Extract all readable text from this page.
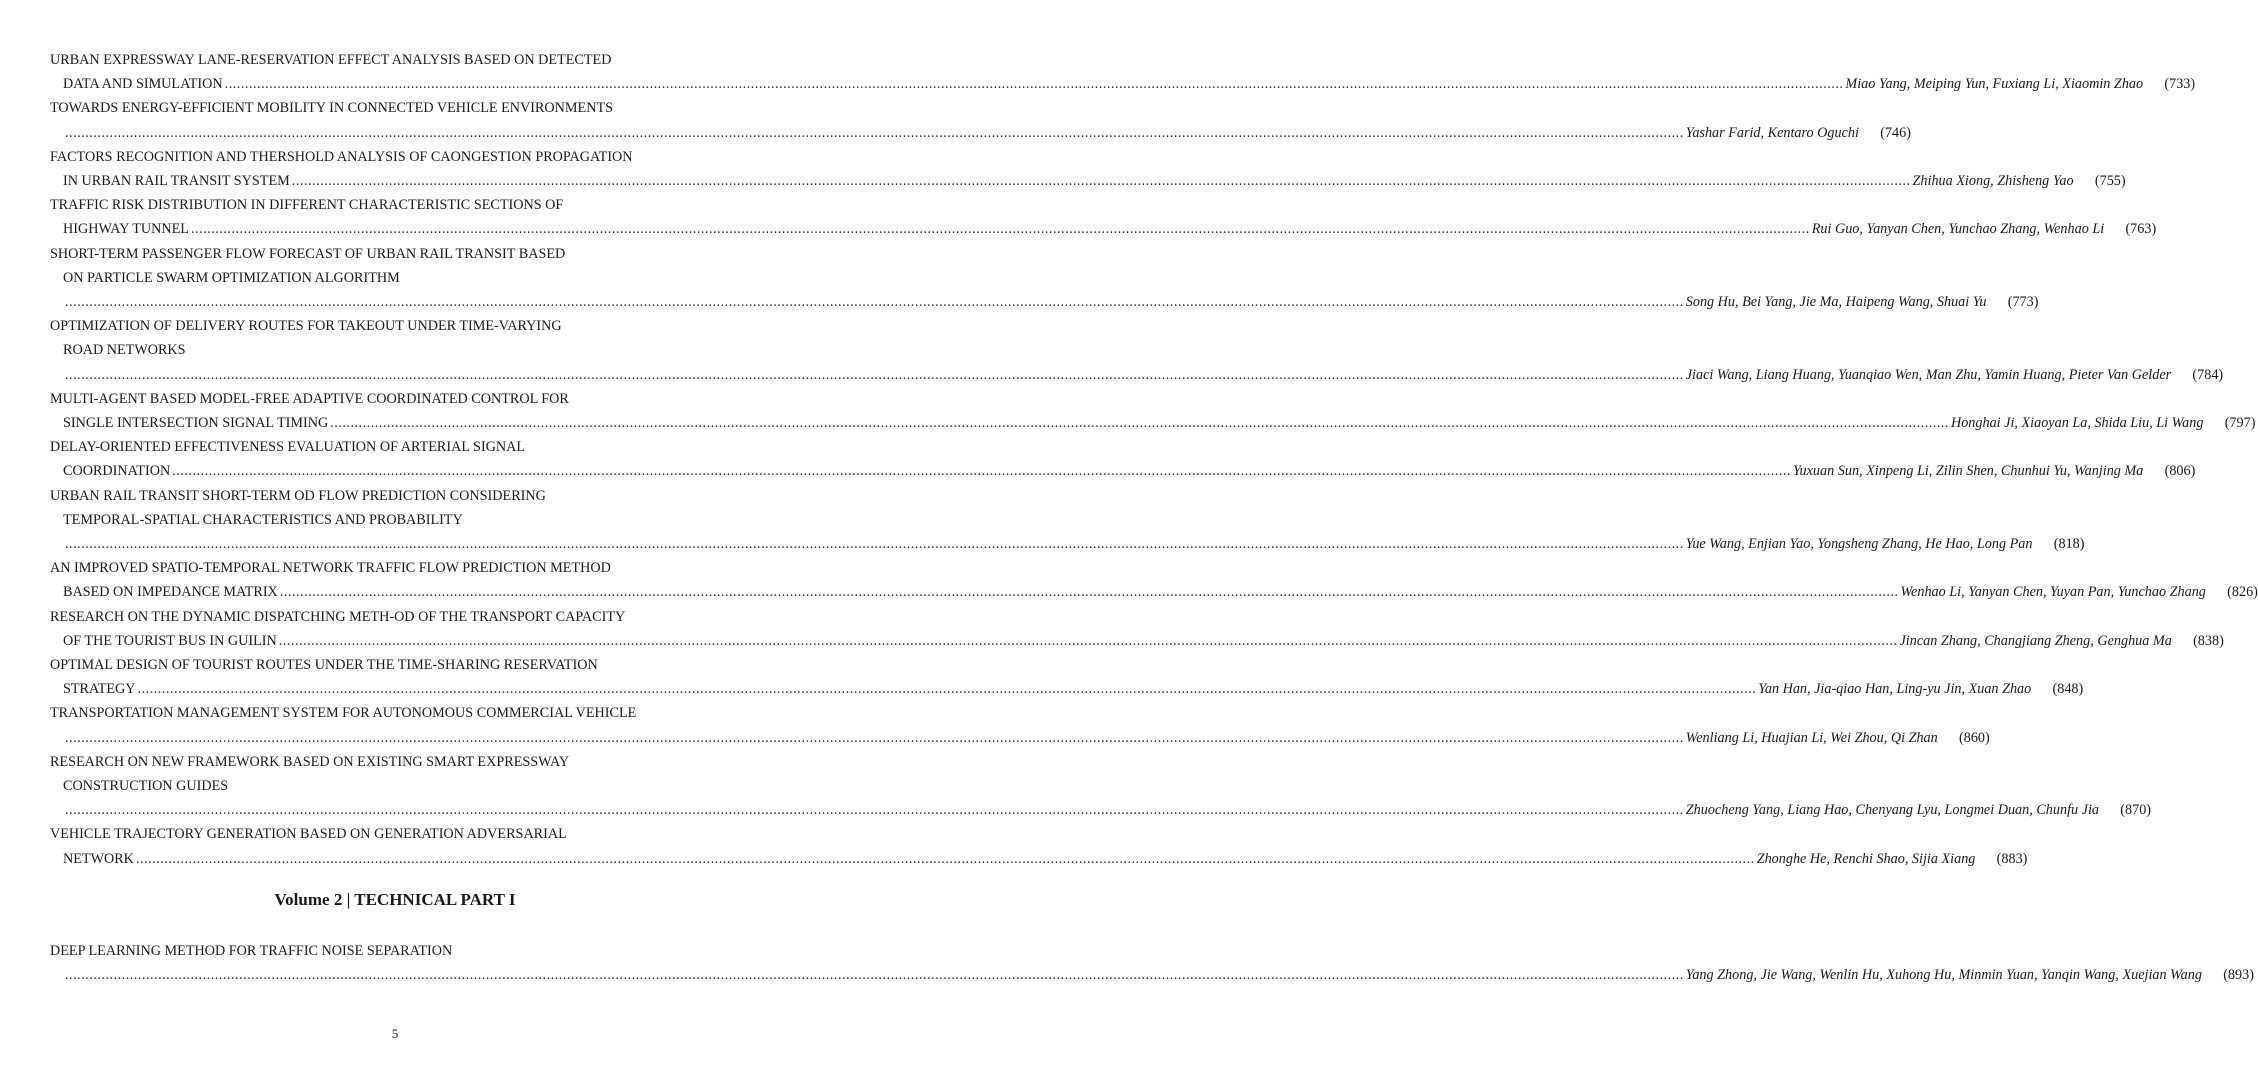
URBAN EXPRESSWAY LANE-RESERVATION EFFECT ANALYSIS BASED ON DETECTED
DATA AND SIMULATION ................................................................................................................................................................................................................................................................................................................................................................................................................ Miao Yang, Meiping Yun, Fuxiang Li, Xiaomin Zhao	(733)
TOWARDS ENERGY-EFFICIENT MOBILITY IN CONNECTED VEHICLE ENVIRONMENTS
................................................................................................................................................................................................................................................................................................................................................................................................................ Yashar Farid, Kentaro Oguchi	(746)
FACTORS RECOGNITION AND THERSHOLD ANALYSIS OF CAONGESTION PROPAGATION
IN URBAN RAIL TRANSIT SYSTEM ................................................................................................................................................................................................................................................................................................................................................................................................................ Zhihua Xiong, Zhisheng Yao	(755)
TRAFFIC RISK DISTRIBUTION IN DIFFERENT CHARACTERISTIC SECTIONS OF
HIGHWAY TUNNEL ................................................................................................................................................................................................................................................................................................................................................................................................................ Rui Guo, Yanyan Chen, Yunchao Zhang, Wenhao Li	(763)
SHORT-TERM PASSENGER FLOW FORECAST OF URBAN RAIL TRANSIT BASED
ON PARTICLE SWARM OPTIMIZATION ALGORITHM
................................................................................................................................................................................................................................................................................................................................................................................................................ Song Hu, Bei Yang, Jie Ma, Haipeng Wang, Shuai Yu	(773)
OPTIMIZATION OF DELIVERY ROUTES FOR TAKEOUT UNDER TIME-VARYING
ROAD NETWORKS
................................................................................................................................................................................................................................................................................................................................................................................................................ Jiaci Wang, Liang Huang, Yuanqiao Wen, Man Zhu, Yamin Huang, Pieter Van Gelder	(784)
MULTI-AGENT BASED MODEL-FREE ADAPTIVE COORDINATED CONTROL FOR
SINGLE INTERSECTION SIGNAL TIMING ................................................................................................................................................................................................................................................................................................................................................................................................................ Honghai Ji, Xiaoyan La, Shida Liu, Li Wang	(797)
DELAY-ORIENTED EFFECTIVENESS EVALUATION OF ARTERIAL SIGNAL
COORDINATION ................................................................................................................................................................................................................................................................................................................................................................................................................ Yuxuan Sun, Xinpeng Li, Zilin Shen, Chunhui Yu, Wanjing Ma	(806)
URBAN RAIL TRANSIT SHORT-TERM OD FLOW PREDICTION CONSIDERING
TEMPORAL-SPATIAL CHARACTERISTICS AND PROBABILITY
................................................................................................................................................................................................................................................................................................................................................................................................................ Yue Wang, Enjian Yao, Yongsheng Zhang, He Hao, Long Pan	(818)
AN IMPROVED SPATIO-TEMPORAL NETWORK TRAFFIC FLOW PREDICTION METHOD
BASED ON IMPEDANCE MATRIX ................................................................................................................................................................................................................................................................................................................................................................................................................ Wenhao Li, Yanyan Chen, Yuyan Pan, Yunchao Zhang	(826)
RESEARCH ON THE DYNAMIC DISPATCHING METH-OD OF THE TRANSPORT CAPACITY
OF THE TOURIST BUS IN GUILIN ................................................................................................................................................................................................................................................................................................................................................................................................................ Jincan Zhang, Changjiang Zheng, Genghua Ma	(838)
OPTIMAL DESIGN OF TOURIST ROUTES UNDER THE TIME-SHARING RESERVATION
STRATEGY ................................................................................................................................................................................................................................................................................................................................................................................................................ Yan Han, Jia-qiao Han, Ling-yu Jin, Xuan Zhao	(848)
TRANSPORTATION MANAGEMENT SYSTEM FOR AUTONOMOUS COMMERCIAL VEHICLE
................................................................................................................................................................................................................................................................................................................................................................................................................ Wenliang Li, Huajian Li, Wei Zhou, Qi Zhan	(860)
RESEARCH ON NEW FRAMEWORK BASED ON EXISTING SMART EXPRESSWAY
CONSTRUCTION GUIDES
................................................................................................................................................................................................................................................................................................................................................................................................................ Zhuocheng Yang, Liang Hao, Chenyang Lyu, Longmei Duan, Chunfu Jia	(870)
VEHICLE TRAJECTORY GENERATION BASED ON GENERATION ADVERSARIAL
NETWORK ................................................................................................................................................................................................................................................................................................................................................................................................................ Zhonghe He, Renchi Shao, Sijia Xiang	(883)
Volume 2 | TECHNICAL PART I
DEEP LEARNING METHOD FOR TRAFFIC NOISE SEPARATION
................................................................................................................................................................................................................................................................................................................................................................................................................ Yang Zhong, Jie Wang, Wenlin Hu, Xuhong Hu, Minmin Yuan, Yanqin Wang, Xuejian Wang	(893)
5
